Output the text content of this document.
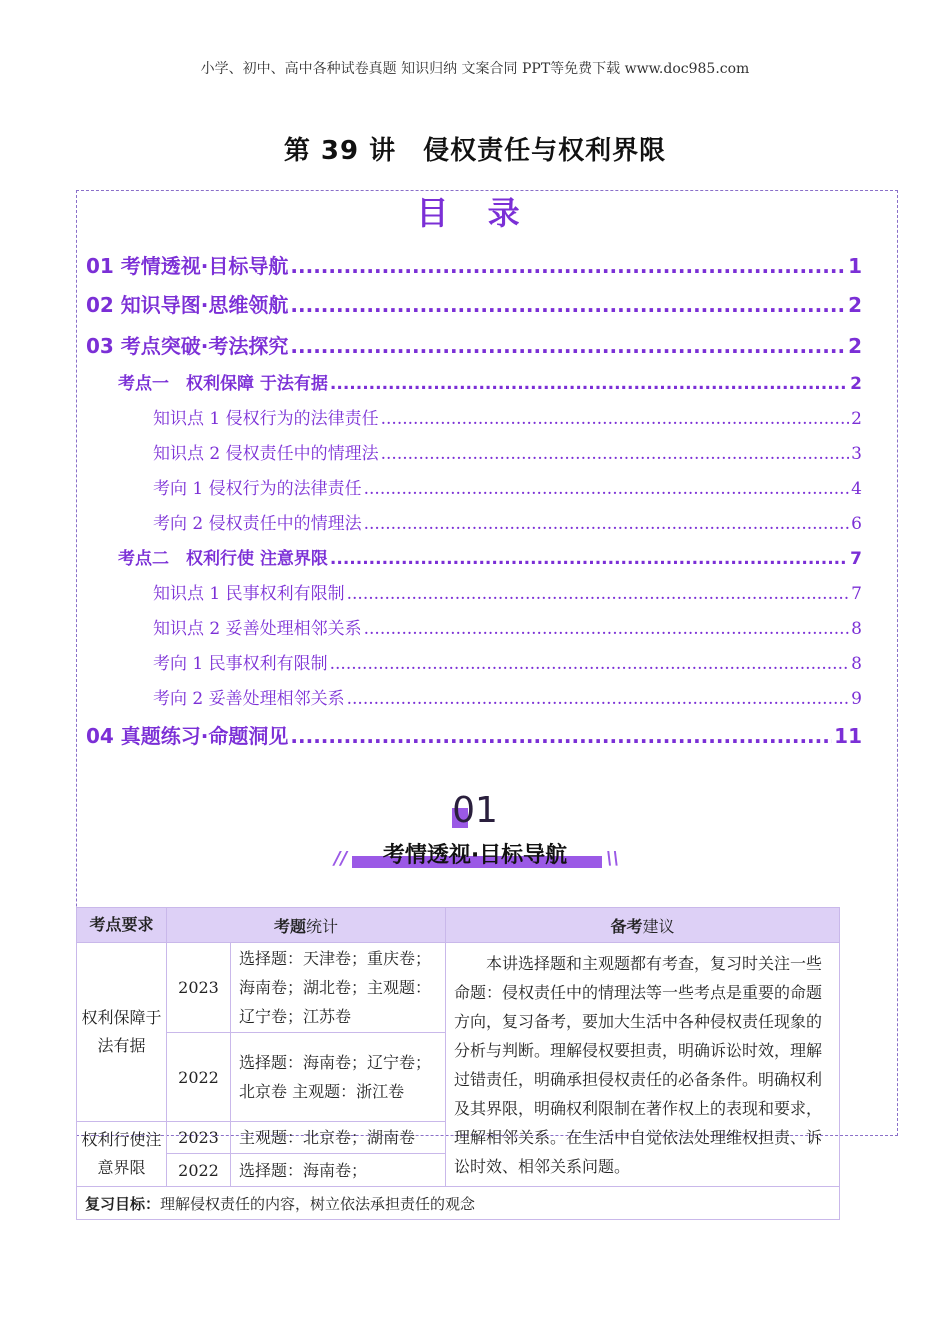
小学、初中、高中各种试卷真题 知识归纳 文案合同 PPT等免费下载 www.doc985.com
第 39 讲　侵权责任与权利界限
目 录
01 考情透视·目标导航 .....	1
02 知识导图·思维领航 .....	2
03 考点突破·考法探究 .....	2
考点一　权利保障 于法有据 .....	2
知识点 1 侵权行为的法律责任 .....	2
知识点 2 侵权责任中的情理法 .....	3
考向 1 侵权行为的法律责任 .....	4
考向 2 侵权责任中的情理法 .....	6
考点二　权利行使 注意界限 .....	7
知识点 1 民事权利有限制 .....	7
知识点 2 妥善处理相邻关系 .....	8
考向 1 民事权利有限制 .....	8
考向 2 妥善处理相邻关系 .....	9
04 真题练习·命题洞见 .....	11
01
//	\\
考情透视·目标导航
考点要求	考题统计		备考建议
权利保障于法有据	2023	选择题：天津卷；重庆卷；海南卷；湖北卷；主观题：辽宁卷；江苏卷	本讲选择题和主观题都有考查，复习时关注一些命题：侵权责任中的情理法等一些考点是重要的命题方向，复习备考，要加大生活中各种侵权责任现象的分析与判断。理解侵权要担责，明确诉讼时效，理解过错责任，明确承担侵权责任的必备条件。明确权利及其界限，明确权利限制在著作权上的表现和要求，理解相邻关系。在生活中自觉依法处理维权担责、诉讼时效、相邻关系问题。
	2022	选择题：海南卷；辽宁卷；北京卷 主观题：浙江卷	
权利行使注意界限	2023	主观题：北京卷；湖南卷	
	2022	选择题：海南卷；	
复习目标：理解侵权责任的内容，树立依法承担责任的观念			
